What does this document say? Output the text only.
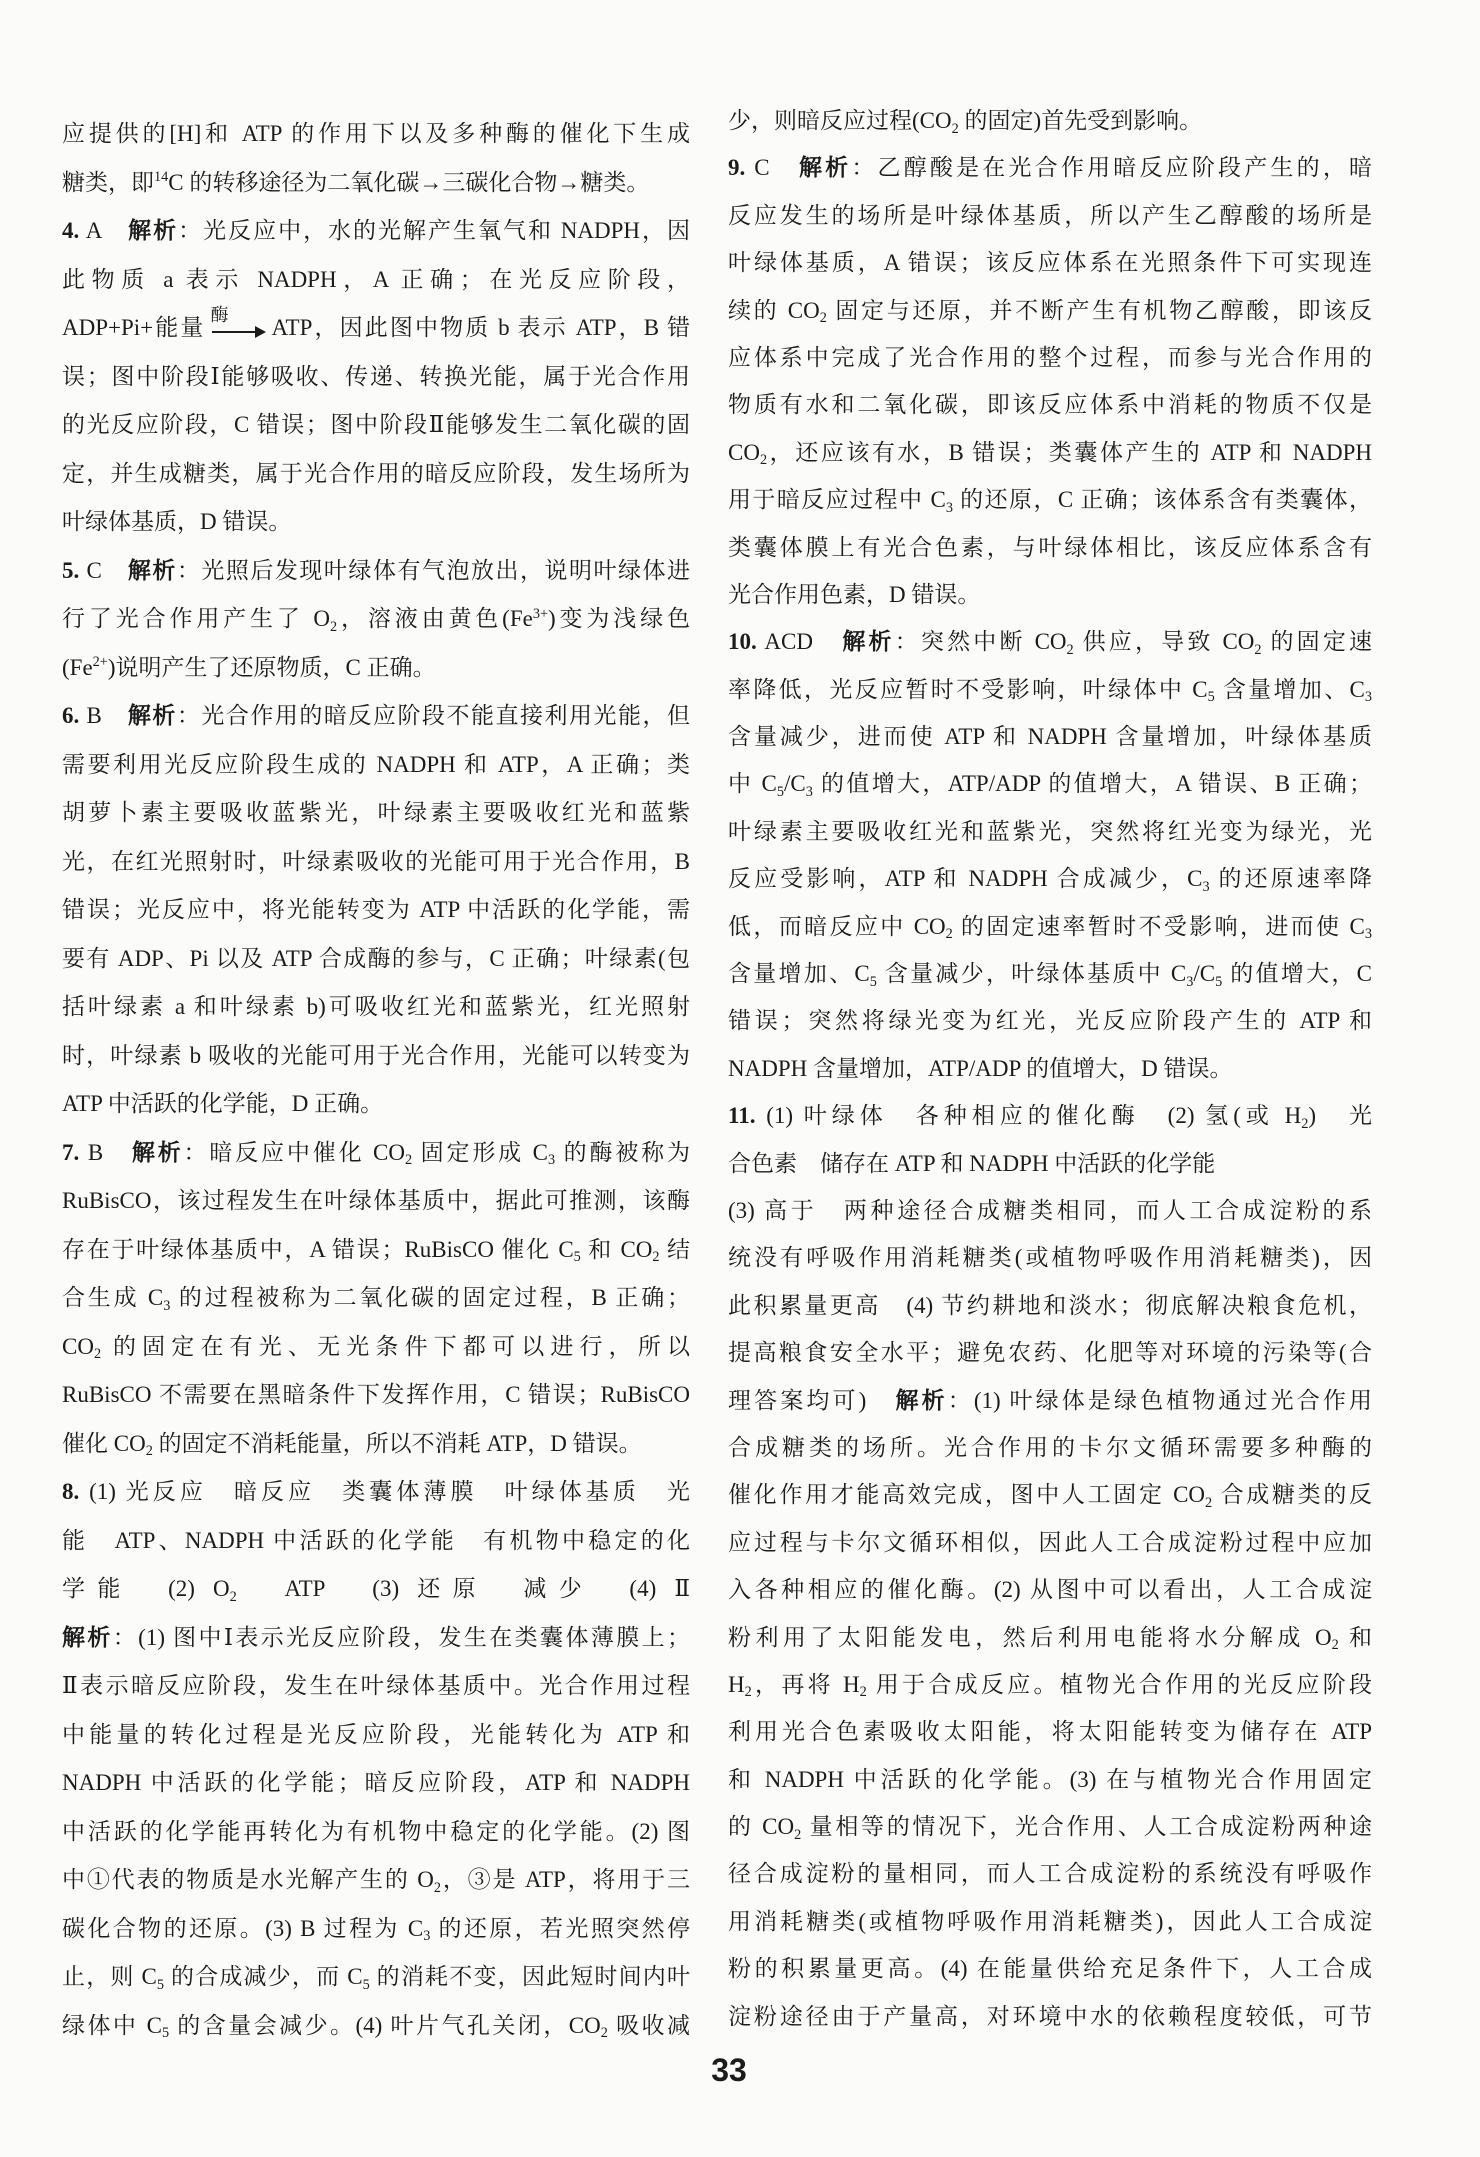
应提供的[H]和 ATP 的作用下以及多种酶的催化下生成
糖类，即$^{14}$C 的转移途径为二氧化碳→三碳化合物→糖类。
4. A　解析：光反应中，水的光解产生氧气和 NADPH，因
此物质 a 表示 NADPH，A 正确；在光反应阶段，
ADP+Pi+能量 酶	ATP，因此图中物质 b 表示 ATP，B 错
误；图中阶段Ⅰ能够吸收、传递、转换光能，属于光合作用
的光反应阶段，C 错误；图中阶段Ⅱ能够发生二氧化碳的固
定，并生成糖类，属于光合作用的暗反应阶段，发生场所为
叶绿体基质，D 错误。
5. C　解析：光照后发现叶绿体有气泡放出，说明叶绿体进
行了光合作用产生了 O2，溶液由黄色$(Fe^{3+})$变为浅绿色
$(Fe^{2+})$说明产生了还原物质，C 正确。
6. B　解析：光合作用的暗反应阶段不能直接利用光能，但
需要利用光反应阶段生成的 NADPH 和 ATP，A 正确；类
胡萝卜素主要吸收蓝紫光，叶绿素主要吸收红光和蓝紫
光，在红光照射时，叶绿素吸收的光能可用于光合作用，B
错误；光反应中，将光能转变为 ATP 中活跃的化学能，需
要有 ADP、Pi 以及 ATP 合成酶的参与，C 正确；叶绿素(包
括叶绿素 a 和叶绿素 b)可吸收红光和蓝紫光，红光照射
时，叶绿素 b 吸收的光能可用于光合作用，光能可以转变为
ATP 中活跃的化学能，D 正确。
7. B　解析：暗反应中催化 CO2 固定形成 C3 的酶被称为
RuBisCO，该过程发生在叶绿体基质中，据此可推测，该酶
存在于叶绿体基质中，A 错误；RuBisCO 催化 C5 和 CO2 结
合生成 C3 的过程被称为二氧化碳的固定过程，B 正确；
CO2 的固定在有光、无光条件下都可以进行，所以
RuBisCO 不需要在黑暗条件下发挥作用，C 错误；RuBisCO
催化 CO2 的固定不消耗能量，所以不消耗 ATP，D 错误。
8. (1) 光反应　暗反应　类囊体薄膜　叶绿体基质　光
能　ATP、NADPH 中活跃的化学能　有机物中稳定的化
学能　(2) O2　ATP　(3) 还原　减少　(4) Ⅱ
解析：(1) 图中Ⅰ表示光反应阶段，发生在类囊体薄膜上；
Ⅱ表示暗反应阶段，发生在叶绿体基质中。光合作用过程
中能量的转化过程是光反应阶段，光能转化为 ATP 和
NADPH 中活跃的化学能；暗反应阶段，ATP 和 NADPH
中活跃的化学能再转化为有机物中稳定的化学能。(2) 图
中①代表的物质是水光解产生的 O2，③是 ATP，将用于三
碳化合物的还原。(3) B 过程为 C3 的还原，若光照突然停
止，则 C5 的合成减少，而 C5 的消耗不变，因此短时间内叶
绿体中 C5 的含量会减少。(4) 叶片气孔关闭，CO2 吸收减
少，则暗反应过程(CO2 的固定)首先受到影响。
9. C　解析：乙醇酸是在光合作用暗反应阶段产生的，暗
反应发生的场所是叶绿体基质，所以产生乙醇酸的场所是
叶绿体基质，A 错误；该反应体系在光照条件下可实现连
续的 CO2 固定与还原，并不断产生有机物乙醇酸，即该反
应体系中完成了光合作用的整个过程，而参与光合作用的
物质有水和二氧化碳，即该反应体系中消耗的物质不仅是
CO2，还应该有水，B 错误；类囊体产生的 ATP 和 NADPH
用于暗反应过程中 C3 的还原，C 正确；该体系含有类囊体，
类囊体膜上有光合色素，与叶绿体相比，该反应体系含有
光合作用色素，D 错误。
10. ACD　解析：突然中断 CO2 供应，导致 CO2 的固定速
率降低，光反应暂时不受影响，叶绿体中 C5 含量增加、C3
含量减少，进而使 ATP 和 NADPH 含量增加，叶绿体基质
中 C5/C3 的值增大，ATP/ADP 的值增大，A 错误、B 正确；
叶绿素主要吸收红光和蓝紫光，突然将红光变为绿光，光
反应受影响，ATP 和 NADPH 合成减少，C3 的还原速率降
低，而暗反应中 CO2 的固定速率暂时不受影响，进而使 C3
含量增加、C5 含量减少，叶绿体基质中 C3/C5 的值增大，C
错误；突然将绿光变为红光，光反应阶段产生的 ATP 和
NADPH 含量增加，ATP/ADP 的值增大，D 错误。
11. (1) 叶绿体　各种相应的催化酶　(2) 氢(或 H2)　光
合色素　储存在 ATP 和 NADPH 中活跃的化学能
(3) 高于　两种途径合成糖类相同，而人工合成淀粉的系
统没有呼吸作用消耗糖类(或植物呼吸作用消耗糖类)，因
此积累量更高　(4) 节约耕地和淡水；彻底解决粮食危机，
提高粮食安全水平；避免农药、化肥等对环境的污染等(合
理答案均可)　解析：(1) 叶绿体是绿色植物通过光合作用
合成糖类的场所。光合作用的卡尔文循环需要多种酶的
催化作用才能高效完成，图中人工固定 CO2 合成糖类的反
应过程与卡尔文循环相似，因此人工合成淀粉过程中应加
入各种相应的催化酶。(2) 从图中可以看出，人工合成淀
粉利用了太阳能发电，然后利用电能将水分解成 O2 和
H2，再将 H2 用于合成反应。植物光合作用的光反应阶段
利用光合色素吸收太阳能，将太阳能转变为储存在 ATP
和 NADPH 中活跃的化学能。(3) 在与植物光合作用固定
的 CO2 量相等的情况下，光合作用、人工合成淀粉两种途
径合成淀粉的量相同，而人工合成淀粉的系统没有呼吸作
用消耗糖类(或植物呼吸作用消耗糖类)，因此人工合成淀
粉的积累量更高。(4) 在能量供给充足条件下，人工合成
淀粉途径由于产量高，对环境中水的依赖程度较低，可节
33
